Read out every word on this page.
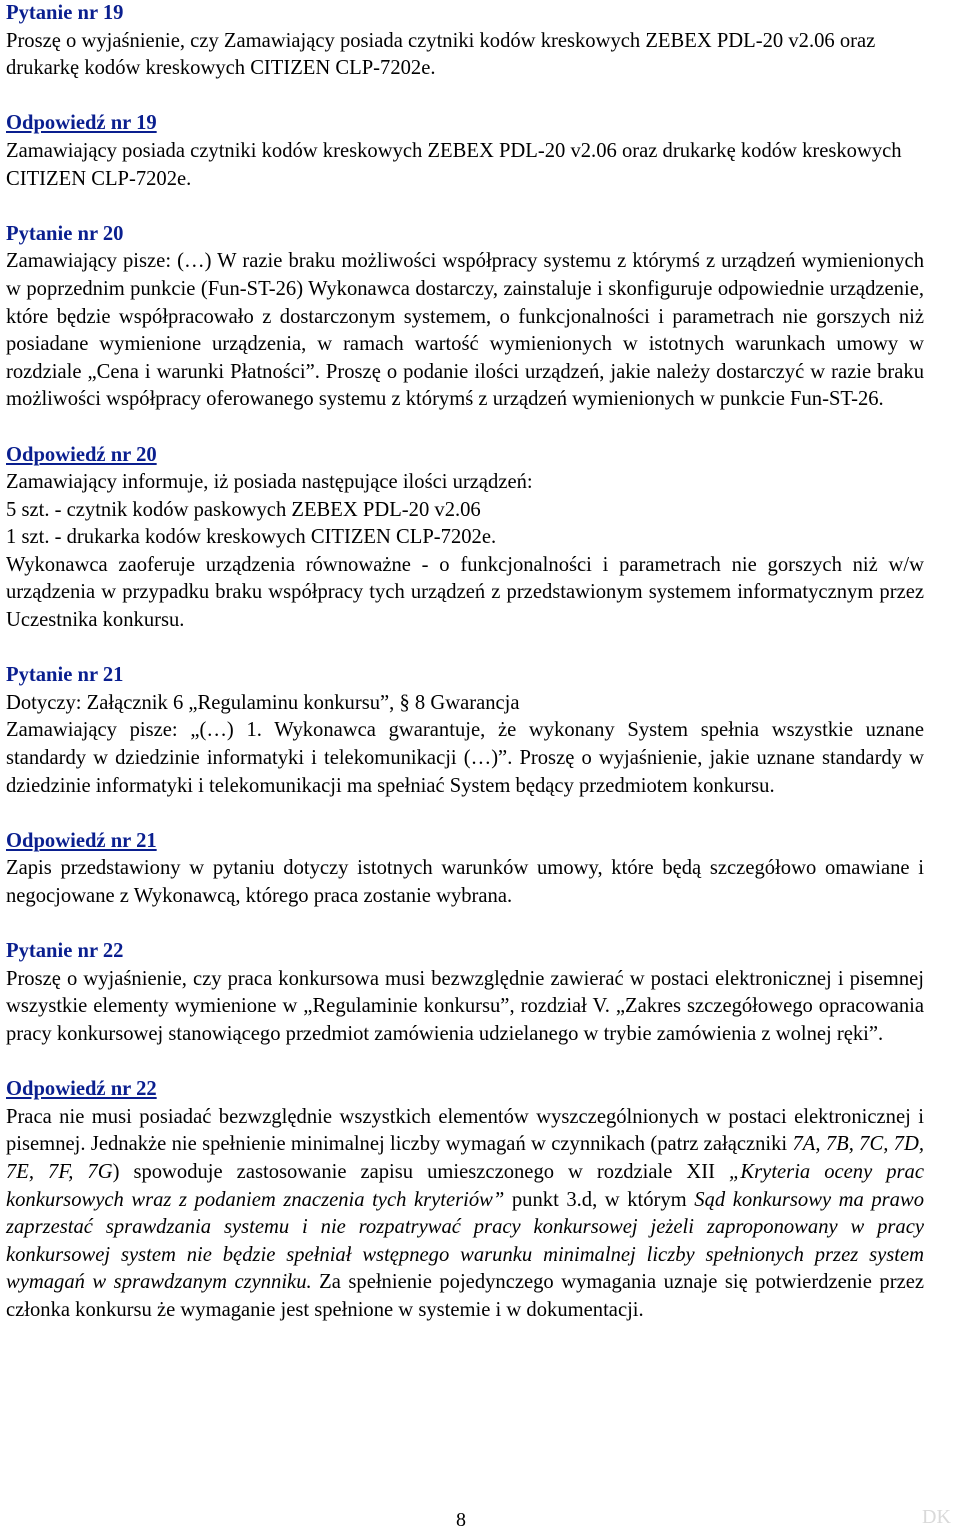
Pytanie nr 19
Proszę o wyjaśnienie, czy Zamawiający posiada czytniki kodów kreskowych ZEBEX PDL-20 v2.06 oraz drukarkę kodów kreskowych CITIZEN CLP-7202e.
Odpowiedź nr 19
Zamawiający posiada czytniki kodów kreskowych ZEBEX PDL-20 v2.06 oraz drukarkę kodów kreskowych CITIZEN CLP-7202e.
Pytanie nr 20
Zamawiający pisze: (…) W razie braku możliwości współpracy systemu z którymś z urządzeń wymienionych w poprzednim punkcie (Fun-ST-26) Wykonawca dostarczy, zainstaluje i skonfiguruje odpowiednie urządzenie, które będzie współpracowało z dostarczonym systemem, o funkcjonalności i parametrach nie gorszych niż posiadane wymienione urządzenia, w ramach wartość wymienionych w istotnych warunkach umowy w rozdziale „Cena i warunki Płatności”. Proszę o podanie ilości urządzeń, jakie należy dostarczyć w razie braku możliwości współpracy oferowanego systemu z którymś z urządzeń wymienionych w punkcie Fun-ST-26.
Odpowiedź nr 20
Zamawiający informuje, iż posiada następujące ilości urządzeń:
5 szt. - czytnik kodów paskowych ZEBEX PDL-20 v2.06
1 szt. - drukarka kodów kreskowych CITIZEN CLP-7202e.
Wykonawca zaoferuje urządzenia równoważne - o funkcjonalności i parametrach nie gorszych niż w/w urządzenia w przypadku braku współpracy tych urządzeń z przedstawionym systemem informatycznym przez Uczestnika konkursu.
Pytanie nr 21
Dotyczy: Załącznik 6 „Regulaminu konkursu”, § 8 Gwarancja
Zamawiający pisze: „(…) 1. Wykonawca gwarantuje, że wykonany System spełnia wszystkie uznane standardy w dziedzinie informatyki i telekomunikacji (…)”. Proszę o wyjaśnienie, jakie uznane standardy w dziedzinie informatyki i telekomunikacji ma spełniać System będący przedmiotem konkursu.
Odpowiedź nr 21
Zapis przedstawiony w pytaniu dotyczy istotnych warunków umowy, które będą szczegółowo omawiane i negocjowane z Wykonawcą, którego praca zostanie wybrana.
Pytanie nr 22
Proszę o wyjaśnienie, czy praca konkursowa musi bezwzględnie zawierać w postaci elektronicznej i pisemnej wszystkie elementy wymienione w „Regulaminie konkursu”, rozdział V. „Zakres szczegółowego opracowania pracy konkursowej stanowiącego przedmiot zamówienia udzielanego w trybie zamówienia z wolnej ręki”.
Odpowiedź nr 22
Praca nie musi posiadać bezwzględnie wszystkich elementów wyszczególnionych w postaci elektronicznej i pisemnej. Jednakże nie spełnienie minimalnej liczby wymagań w czynnikach (patrz załączniki 7A, 7B, 7C, 7D, 7E, 7F, 7G) spowoduje zastosowanie zapisu umieszczonego w rozdziale XII „Kryteria oceny prac konkursowych wraz z podaniem znaczenia tych kryteriów” punkt 3.d, w którym Sąd konkursowy ma prawo zaprzestać sprawdzania systemu i nie rozpatrywać pracy konkursowej jeżeli zaproponowany w pracy konkursowej system nie będzie spełniał wstępnego warunku minimalnej liczby spełnionych przez system wymagań w sprawdzanym czynniku. Za spełnienie pojedynczego wymagania uznaje się potwierdzenie przez członka konkursu że wymaganie jest spełnione w systemie i w dokumentacji.
8	DK
